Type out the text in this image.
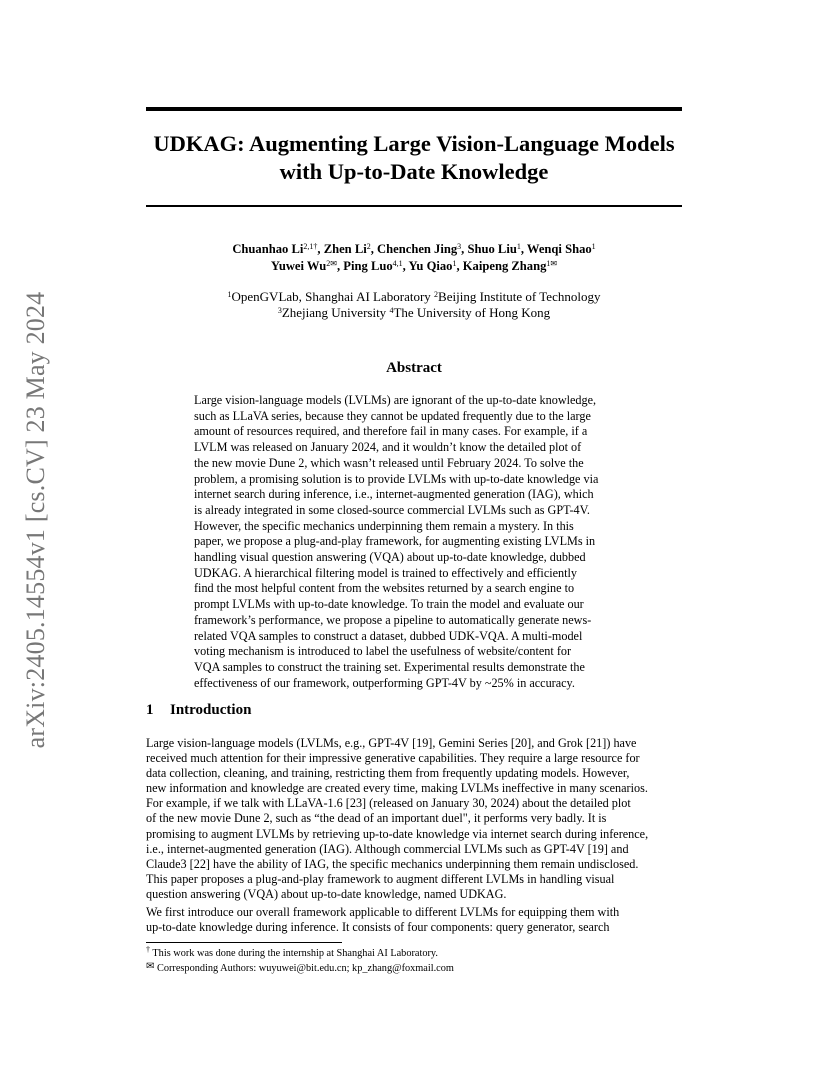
arXiv:2405.14554v1 [cs.CV] 23 May 2024
UDKAG: Augmenting Large Vision-Language Models
with Up-to-Date Knowledge
Chuanhao $Li^{2,1\dagger}$, Zhen Li$^2$, Chenchen Jing$^3$, Shuo Liu$^1$, Wenqi Shao$^1$
Yuwei $Wu^{2✉}$, Ping Luo$^{4,1}$, Yu Qiao$^1$, Kaipeng Zhang$^{1✉}$
$^1$OpenGVLab, Shanghai AI Laboratory $^2$Beijing Institute of Technology
$^3$Zhejiang University $^4$The University of Hong Kong
Abstract
Large vision-language models (LVLMs) are ignorant of the up-to-date knowledge,
such as LLaVA series, because they cannot be updated frequently due to the large
amount of resources required, and therefore fail in many cases. For example, if a
LVLM was released on January 2024, and it wouldn’t know the detailed plot of
the new movie Dune 2, which wasn’t released until February 2024. To solve the
problem, a promising solution is to provide LVLMs with up-to-date knowledge via
internet search during inference, i.e., internet-augmented generation (IAG), which
is already integrated in some closed-source commercial LVLMs such as GPT-4V.
However, the specific mechanics underpinning them remain a mystery. In this
paper, we propose a plug-and-play framework, for augmenting existing LVLMs in
handling visual question answering (VQA) about up-to-date knowledge, dubbed
UDKAG. A hierarchical filtering model is trained to effectively and efficiently
find the most helpful content from the websites returned by a search engine to
prompt LVLMs with up-to-date knowledge. To train the model and evaluate our
framework’s performance, we propose a pipeline to automatically generate news-
related VQA samples to construct a dataset, dubbed UDK-VQA. A multi-model
voting mechanism is introduced to label the usefulness of website/content for
VQA samples to construct the training set. Experimental results demonstrate the
effectiveness of our framework, outperforming GPT-4V by ~25% in accuracy.
1 Introduction
Large vision-language models (LVLMs, e.g., GPT-4V [19], Gemini Series [20], and Grok [21]) have
received much attention for their impressive generative capabilities. They require a large resource for
data collection, cleaning, and training, restricting them from frequently updating models. However,
new information and knowledge are created every time, making LVLMs ineffective in many scenarios.
For example, if we talk with LLaVA-1.6 [23] (released on January 30, 2024) about the detailed plot
of the new movie Dune 2, such as “the dead of an important duel", it performs very badly. It is
promising to augment LVLMs by retrieving up-to-date knowledge via internet search during inference,
i.e., internet-augmented generation (IAG). Although commercial LVLMs such as GPT-4V [19] and
Claude3 [22] have the ability of IAG, the specific mechanics underpinning them remain undisclosed.
This paper proposes a plug-and-play framework to augment different LVLMs in handling visual
question answering (VQA) about up-to-date knowledge, named UDKAG.
We first introduce our overall framework applicable to different LVLMs for equipping them with
up-to-date knowledge during inference. It consists of four components: query generator, search
† This work was done during the internship at Shanghai AI Laboratory.
✉ Corresponding Authors: wuyuwei@bit.edu.cn; kp_zhang@foxmail.com
